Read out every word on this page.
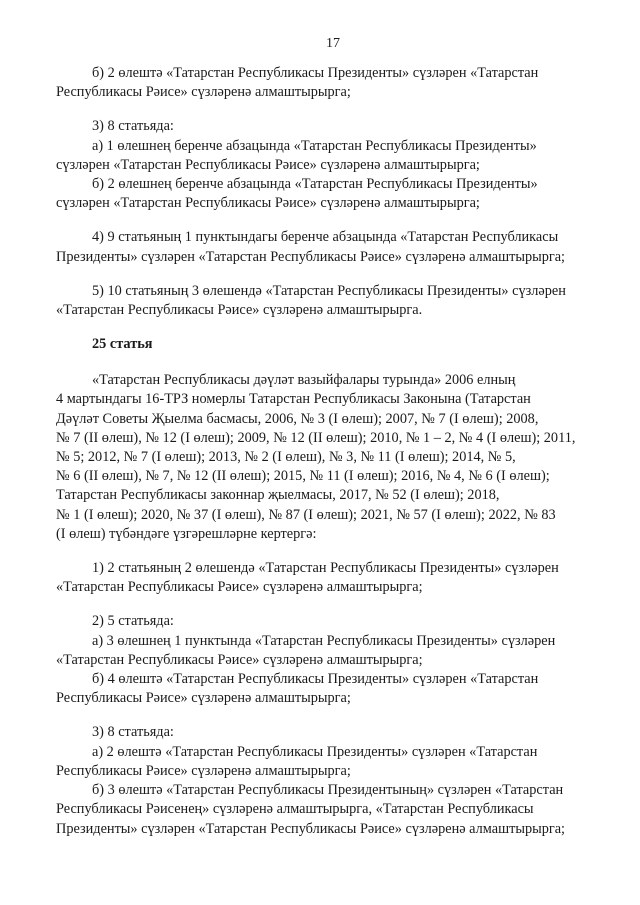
17

б) 2 өлештә «Татарстан Республикасы Президенты» сүзләрен «Татарстан
Республикасы Рәисе» сүзләренә алмаштырырга;

3) 8 статьяда:

а) 1 өлешнең беренче абзацында «Татарстан Республикасы Президенты»
сүзләрен «Татарстан Республикасы Рәисе» сүзләренә алмаштырырга;

б) 2 өлешнең беренче абзацында «Татарстан Республикасы Президенты»
сүзләрен «Татарстан Республикасы Рәисе» сүзләренә алмаштырырга;

4) 9 статьяның 1 пунктындагы беренче абзацында «Татарстан Республикасы
Президенты» сүзләрен «Татарстан Республикасы Рәисе» сүзләренә алмаштырырга;

5) 10 статьяның 3 өлешендә «Татарстан Республикасы Президенты» сүзләрен
«Татарстан Республикасы Рәисе» сүзләренә алмаштырырга.

25 статья

«Татарстан Республикасы дәүләт вазыйфалары турында» 2006 елның
4 мартындагы 16-ТРЗ номерлы Татарстан Республикасы Законына (Татарстан
Дәүләт Советы Җыелма басмасы, 2006, № 3 (I өлеш); 2007, № 7 (I өлеш); 2008,
№ 7 (II өлеш), № 12 (I өлеш); 2009, № 12 (II өлеш); 2010, № 1 – 2, № 4 (I өлеш); 2011,
№ 5; 2012, № 7 (I өлеш); 2013, № 2 (I өлеш), № 3, № 11 (I өлеш); 2014, № 5,
№ 6 (II өлеш), № 7, № 12 (II өлеш); 2015, № 11 (I өлеш); 2016, № 4, № 6 (I өлеш);
Татарстан Республикасы законнар җыелмасы, 2017, № 52 (I өлеш); 2018,
№ 1 (I өлеш); 2020, № 37 (I өлеш), № 87 (I өлеш); 2021, № 57 (I өлеш); 2022, № 83
(I өлеш) түбәндәге үзгәрешләрне кертергә:

1) 2 статьяның 2 өлешендә «Татарстан Республикасы Президенты» сүзләрен
«Татарстан Республикасы Рәисе» сүзләренә алмаштырырга;

2) 5 статьяда:

а) 3 өлешнең 1 пунктында «Татарстан Республикасы Президенты» сүзләрен
«Татарстан Республикасы Рәисе» сүзләренә алмаштырырга;

б) 4 өлештә «Татарстан Республикасы Президенты» сүзләрен «Татарстан
Республикасы Рәисе» сүзләренә алмаштырырга;

3) 8 статьяда:

а) 2 өлештә «Татарстан Республикасы Президенты» сүзләрен «Татарстан
Республикасы Рәисе» сүзләренә алмаштырырга;

б) 3 өлештә «Татарстан Республикасы Президентының» сүзләрен «Татарстан
Республикасы Рәисенең» сүзләренә алмаштырырга, «Татарстан Республикасы
Президенты» сүзләрен «Татарстан Республикасы Рәисе» сүзләренә алмаштырырга;
